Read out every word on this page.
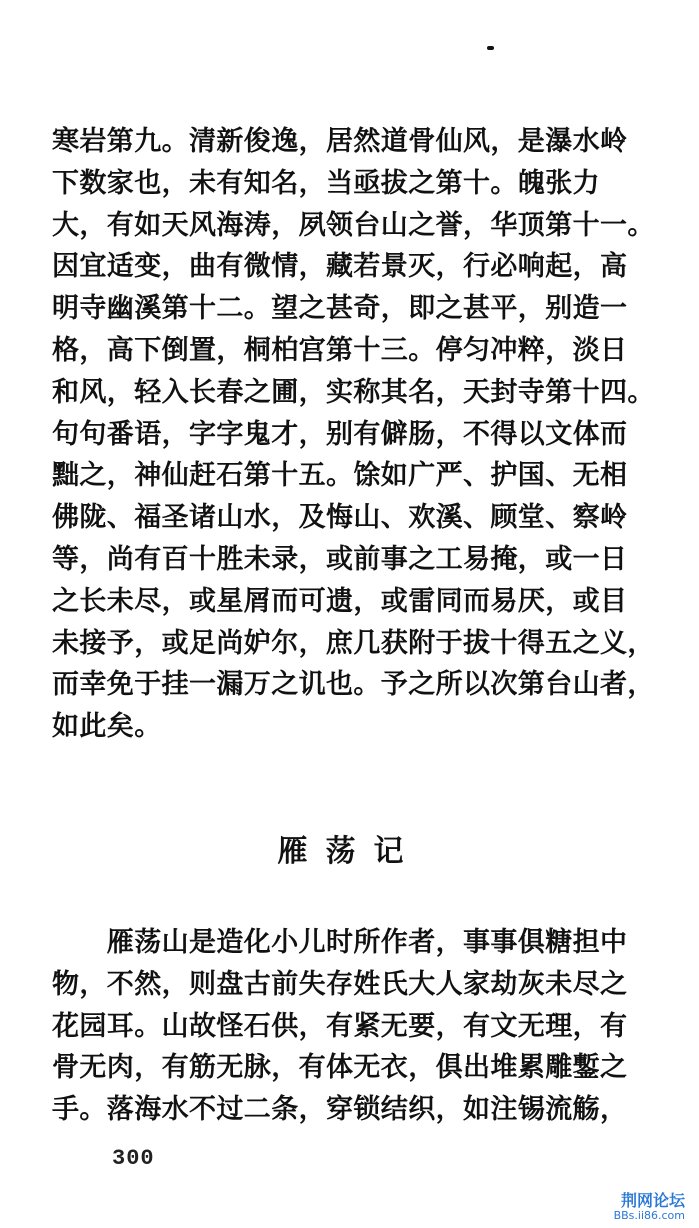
寒岩第九。清新俊逸，居然道骨仙风，是瀑水岭
下数家也，未有知名，当亟拔之第十。魄张力
大，有如天风海涛，夙领台山之誉，华顶第十一。
因宜适变，曲有微情，藏若景灭，行必响起，高
明寺幽溪第十二。望之甚奇，即之甚平，别造一
格，高下倒置，桐柏宫第十三。停匀冲粹，淡日
和风，轻入长春之圃，实称其名，天封寺第十四。
句句番语，字字鬼才，别有僻肠，不得以文体而
黜之，神仙赶石第十五。馀如广严、护国、无相
佛陇、福圣诸山水，及悔山、欢溪、顾堂、察岭
等，尚有百十胜未录，或前事之工易掩，或一日
之长未尽，或星屑而可遗，或雷同而易厌，或目
未接予，或足尚妒尔，庶几获附于拔十得五之义，
而幸免于挂一漏万之讥也。予之所以次第台山者，
如此矣。
雁荡记
　　雁荡山是造化小儿时所作者，事事俱糖担中
物，不然，则盘古前失存姓氏大人家劫灰未尽之
花园耳。山故怪石供，有紧无要，有文无理，有
骨无肉，有筋无脉，有体无衣，俱出堆累雕鏨之
手。落海水不过二条，穿锁结织，如注锡流觞，
300
荆网论坛
BBs.ii86.com
